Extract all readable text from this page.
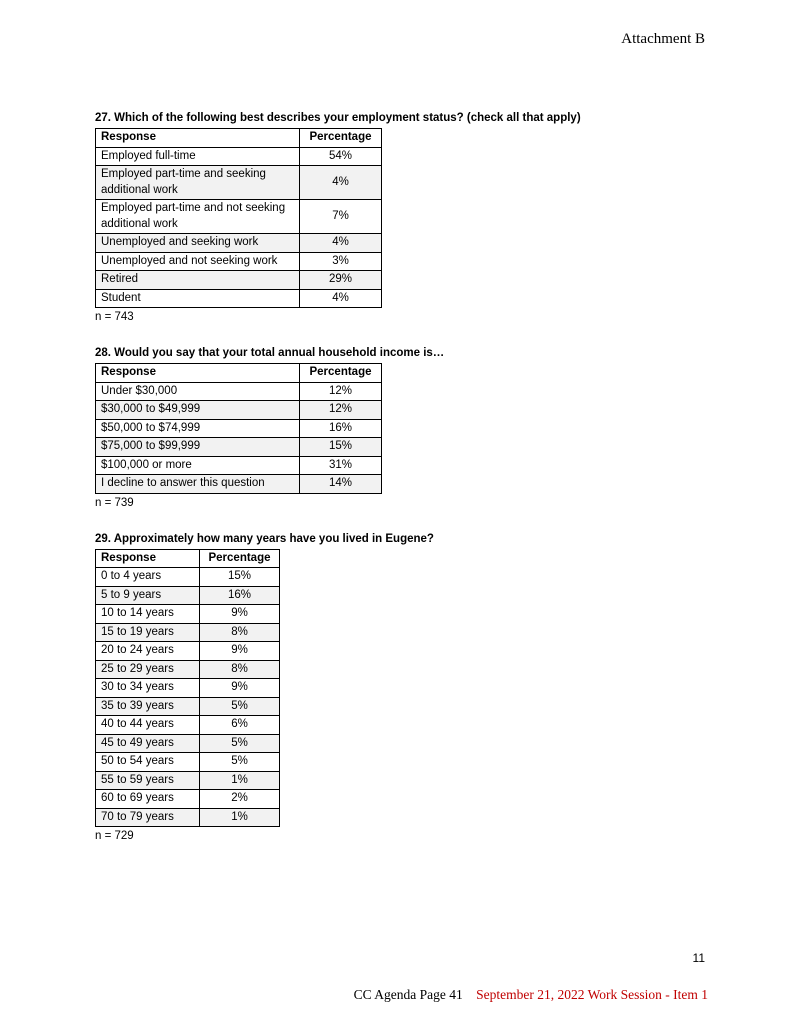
Attachment B
27. Which of the following best describes your employment status? (check all that apply)
Response	Percentage
Employed full-time	54%
Employed part-time and seeking additional work	4%
Employed part-time and not seeking additional work	7%
Unemployed and seeking work	4%
Unemployed and not seeking work	3%
Retired	29%
Student	4%
n = 743
28. Would you say that your total annual household income is…
Response	Percentage
Under $30,000	12%
$30,000 to $49,999	12%
$50,000 to $74,999	16%
$75,000 to $99,999	15%
$100,000 or more	31%
I decline to answer this question	14%
n = 739
29. Approximately how many years have you lived in Eugene?
Response	Percentage
0 to 4 years	15%
5 to 9 years	16%
10 to 14 years	9%
15 to 19 years	8%
20 to 24 years	9%
25 to 29 years	8%
30 to 34 years	9%
35 to 39 years	5%
40 to 44 years	6%
45 to 49 years	5%
50 to 54 years	5%
55 to 59 years	1%
60 to 69 years	2%
70 to 79 years	1%
n = 729
11
CC Agenda Page 41 September 21, 2022 Work Session - Item 1
